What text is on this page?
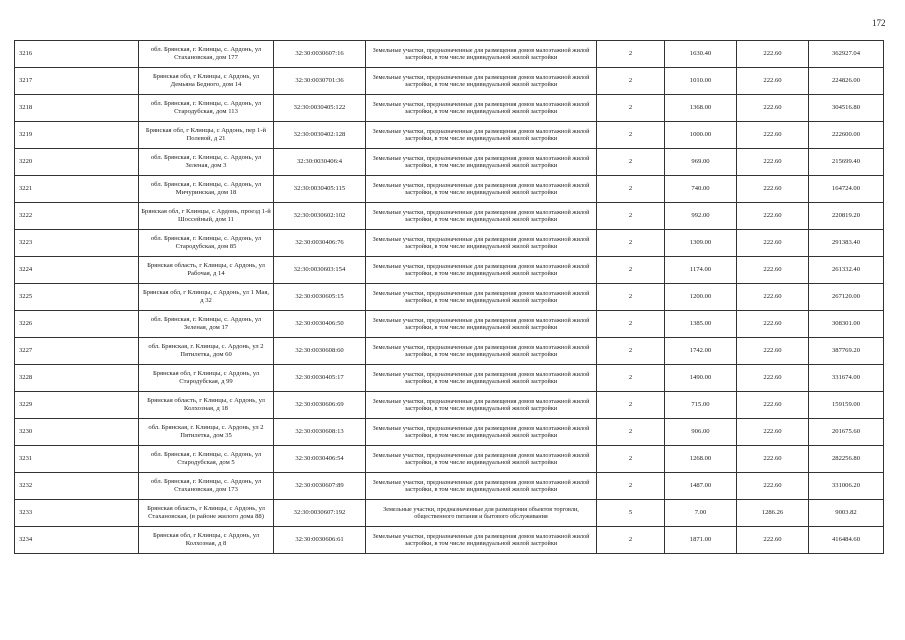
172
3216	обл. Брянская, г. Клинцы, с. Ардонь, ул Стахановская, дом 177	32:30:0030607:16	Земельные участки, предназначенные для размещения домов малоэтажной жилой застройки, в том числе индивидуальной жилой застройки	2	1630.40	222.60	362927.04
3217	Брянская обл, г Клинцы, с Ардонь, ул Демьяна Бедного, дом 14	32:30:0030701:36	Земельные участки, предназначенные для размещения домов малоэтажной жилой застройки, в том числе индивидуальной жилой застройки	2	1010.00	222.60	224826.00
3218	обл. Брянская, г. Клинцы, с. Ардонь, ул Стародубская, дом 113	32:30:0030405:122	Земельные участки, предназначенные для размещения домов малоэтажной жилой застройки, в том числе индивидуальной жилой застройки	2	1368.00	222.60	304516.80
3219	Брянская обл, г Клинцы, с Ардонь, пер 1-й Полевой, д 21	32:30:0030402:128	Земельные участки, предназначенные для размещения домов малоэтажной жилой застройки, в том числе индивидуальной жилой застройки	2	1000.00	222.60	222600.00
3220	обл. Брянская, г. Клинцы, с. Ардонь, ул Зеленая, дом 3	32:30:0030406:4	Земельные участки, предназначенные для размещения домов малоэтажной жилой застройки, в том числе индивидуальной жилой застройки	2	969.00	222.60	215699.40
3221	обл. Брянская, г. Клинцы, с. Ардонь, ул Мичуринская, дом 18	32:30:0030405:115	Земельные участки, предназначенные для размещения домов малоэтажной жилой застройки, в том числе индивидуальной жилой застройки	2	740.00	222.60	164724.00
3222	Брянская обл, г Клинцы, с Ардонь, проезд 1-й Шоссейный, дом 11	32:30:0030602:102	Земельные участки, предназначенные для размещения домов малоэтажной жилой застройки, в том числе индивидуальной жилой застройки	2	992.00	222.60	220819.20
3223	обл. Брянская, г. Клинцы, с. Ардонь, ул Стародубская, дом 85	32:30:0030406:76	Земельные участки, предназначенные для размещения домов малоэтажной жилой застройки, в том числе индивидуальной жилой застройки	2	1309.00	222.60	291383.40
3224	Брянская область, г Клинцы, с Ардонь, ул Рабочая, д 14	32:30:0030603:154	Земельные участки, предназначенные для размещения домов малоэтажной жилой застройки, в том числе индивидуальной жилой застройки	2	1174.00	222.60	261332.40
3225	Брянская обл, г Клинцы, с Ардонь, ул 1 Мая, д 32	32:30:0030605:15	Земельные участки, предназначенные для размещения домов малоэтажной жилой застройки, в том числе индивидуальной жилой застройки	2	1200.00	222.60	267120.00
3226	обл. Брянская, г. Клинцы, с. Ардонь, ул Зеленая, дом 17	32:30:0030406:50	Земельные участки, предназначенные для размещения домов малоэтажной жилой застройки, в том числе индивидуальной жилой застройки	2	1385.00	222.60	308301.00
3227	обл. Брянская, г. Клинцы, с. Ардонь, ул 2 Пятилетка, дом 60	32:30:0030608:60	Земельные участки, предназначенные для размещения домов малоэтажной жилой застройки, в том числе индивидуальной жилой застройки	2	1742.00	222.60	387769.20
3228	Брянская обл, г Клинцы, с Ардонь, ул Стародубская, д 99	32:30:0030405:17	Земельные участки, предназначенные для размещения домов малоэтажной жилой застройки, в том числе индивидуальной жилой застройки	2	1490.00	222.60	331674.00
3229	Брянская область, г Клинцы, с Ардонь, ул Колхозная, д 18	32:30:0030606:69	Земельные участки, предназначенные для размещения домов малоэтажной жилой застройки, в том числе индивидуальной жилой застройки	2	715.00	222.60	159159.00
3230	обл. Брянская, г. Клинцы, с. Ардонь, ул 2 Пятилетка, дом 35	32:30:0030608:13	Земельные участки, предназначенные для размещения домов малоэтажной жилой застройки, в том числе индивидуальной жилой застройки	2	906.00	222.60	201675.60
3231	обл. Брянская, г. Клинцы, с. Ардонь, ул Стародубская, дом 5	32:30:0030406:54	Земельные участки, предназначенные для размещения домов малоэтажной жилой застройки, в том числе индивидуальной жилой застройки	2	1268.00	222.60	282256.80
3232	обл. Брянская, г. Клинцы, с. Ардонь, ул Стахановская, дом 173	32:30:0030607:89	Земельные участки, предназначенные для размещения домов малоэтажной жилой застройки, в том числе индивидуальной жилой застройки	2	1487.00	222.60	331006.20
3233	Брянская область, г Клинцы, с Ардонь, ул Стахановская, (в районе жилого дома 88)	32:30:0030607:192	Земельные участки, предназначенные для размещения объектов торговли, общественного питания и бытового обслуживания	5	7.00	1286.26	9003.82
3234	Брянская обл, г Клинцы, с Ардонь, ул Колхозная, д 8	32:30:0030606:61	Земельные участки, предназначенные для размещения домов малоэтажной жилой застройки, в том числе индивидуальной жилой застройки	2	1871.00	222.60	416484.60
